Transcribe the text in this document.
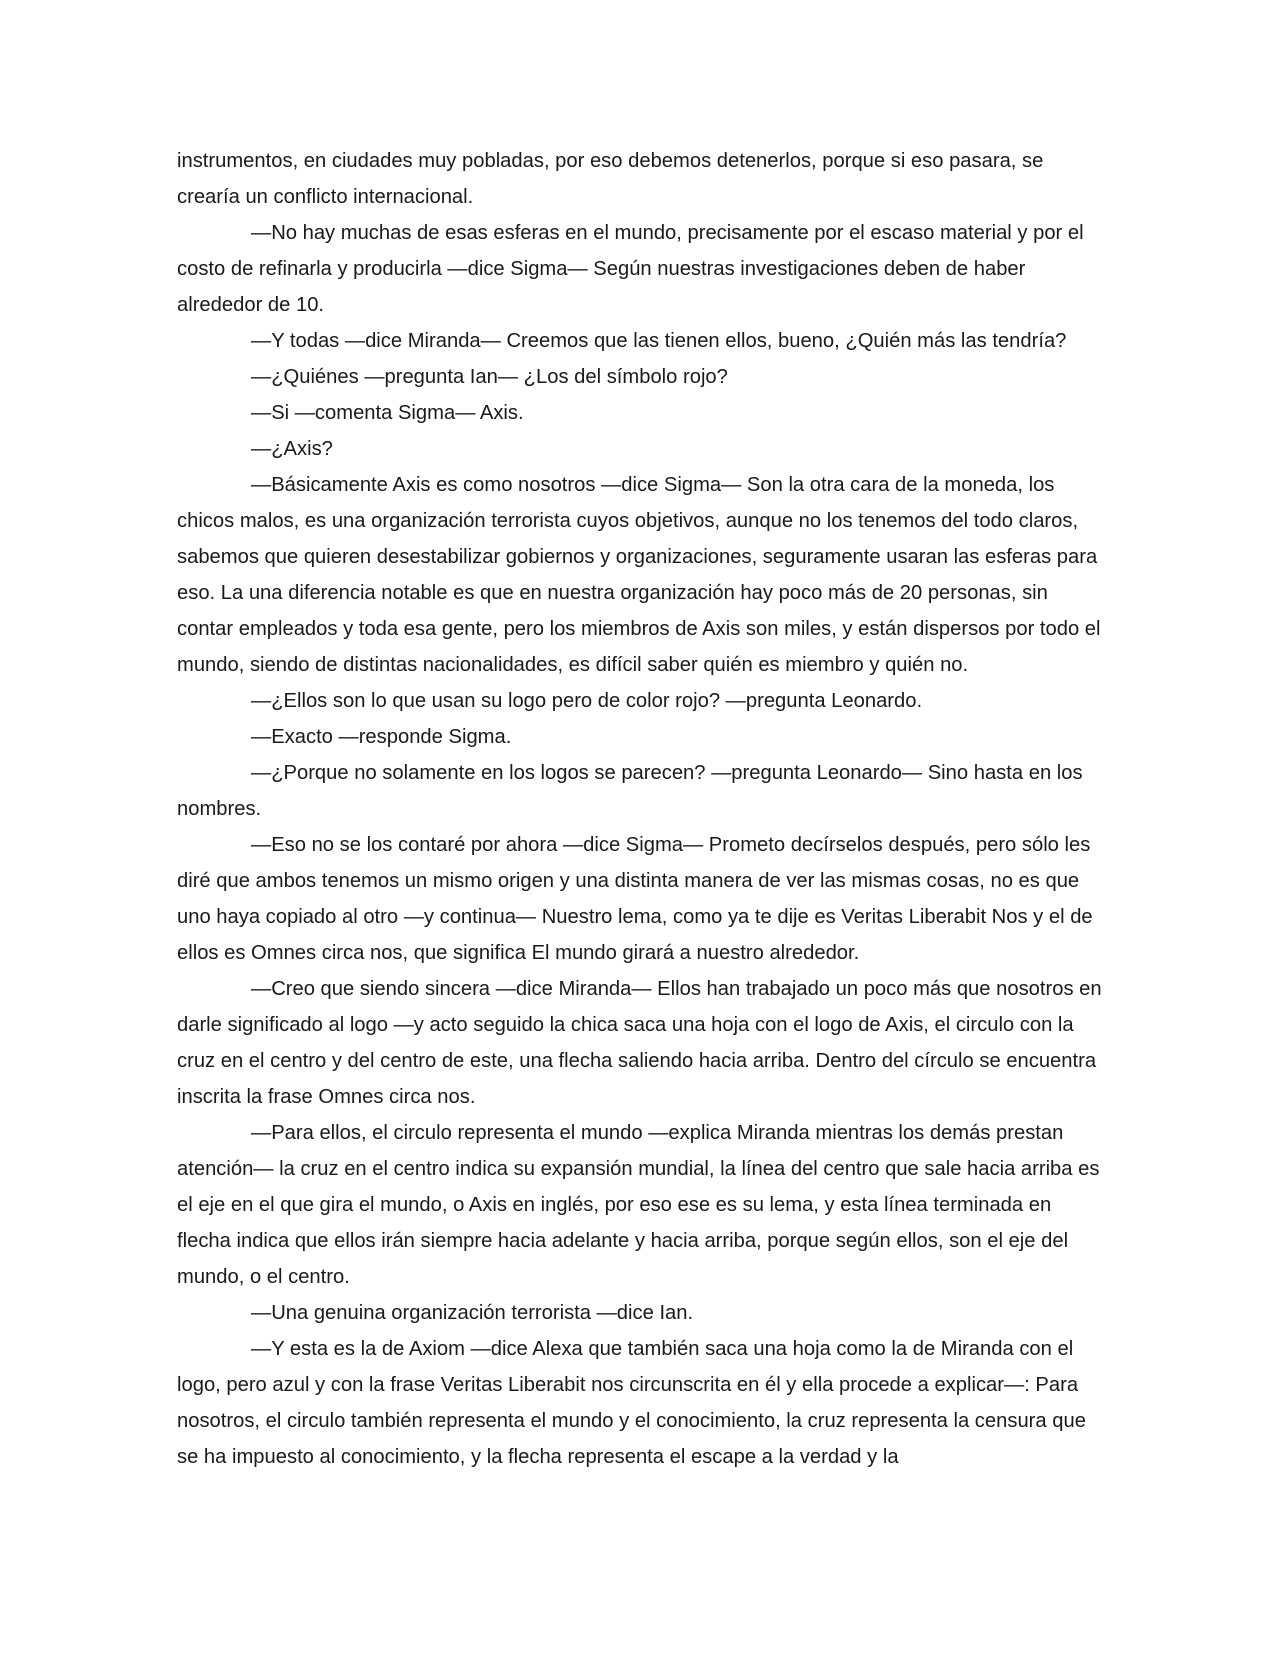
instrumentos, en ciudades muy pobladas, por eso debemos detenerlos, porque si eso pasara, se crearía un conflicto internacional.

―No hay muchas de esas esferas en el mundo, precisamente por el escaso material y por el costo de refinarla y producirla ―dice Sigma― Según nuestras investigaciones deben de haber alrededor de 10.

―Y todas ―dice Miranda― Creemos que las tienen ellos, bueno, ¿Quién más las tendría?

―¿Quiénes ―pregunta Ian― ¿Los del símbolo rojo?

―Si ―comenta Sigma― Axis.

―¿Axis?

―Básicamente Axis es como nosotros ―dice Sigma― Son la otra cara de la moneda, los chicos malos, es una organización terrorista cuyos objetivos, aunque no los tenemos del todo claros, sabemos que quieren desestabilizar gobiernos y organizaciones, seguramente usaran las esferas para eso. La una diferencia notable es que en nuestra organización hay poco más de 20 personas, sin contar empleados y toda esa gente, pero los miembros de Axis son miles, y están dispersos por todo el mundo, siendo de distintas nacionalidades, es difícil saber quién es miembro y quién no.

―¿Ellos son lo que usan su logo pero de color rojo? ―pregunta Leonardo.

―Exacto ―responde Sigma.

―¿Porque no solamente en los logos se parecen? ―pregunta Leonardo― Sino hasta en los nombres.

―Eso no se los contaré por ahora ―dice Sigma― Prometo decírselos después, pero sólo les diré que ambos tenemos un mismo origen y una distinta manera de ver las mismas cosas, no es que uno haya copiado al otro ―y continua― Nuestro lema, como ya te dije es Veritas Liberabit Nos y el de ellos es Omnes circa nos, que significa El mundo girará a nuestro alrededor.

―Creo que siendo sincera ―dice Miranda― Ellos han trabajado un poco más que nosotros en darle significado al logo ―y acto seguido la chica saca una hoja con el logo de Axis, el circulo con la cruz en el centro y del centro de este, una flecha saliendo hacia arriba. Dentro del círculo se encuentra inscrita la frase Omnes circa nos.

―Para ellos, el circulo representa el mundo ―explica Miranda mientras los demás prestan atención― la cruz en el centro indica su expansión mundial, la línea del centro que sale hacia arriba es el eje en el que gira el mundo, o Axis en inglés, por eso ese es su lema, y esta línea terminada en flecha indica que ellos irán siempre hacia adelante y hacia arriba, porque según ellos, son el eje del mundo, o el centro.

―Una genuina organización terrorista ―dice Ian.

―Y esta es la de Axiom ―dice Alexa que también saca una hoja como la de Miranda con el logo, pero azul y con la frase Veritas Liberabit nos circunscrita en él y ella procede a explicar―: Para nosotros, el circulo también representa el mundo y el conocimiento, la cruz representa la censura que se ha impuesto al conocimiento, y la flecha representa el escape a la verdad y la
